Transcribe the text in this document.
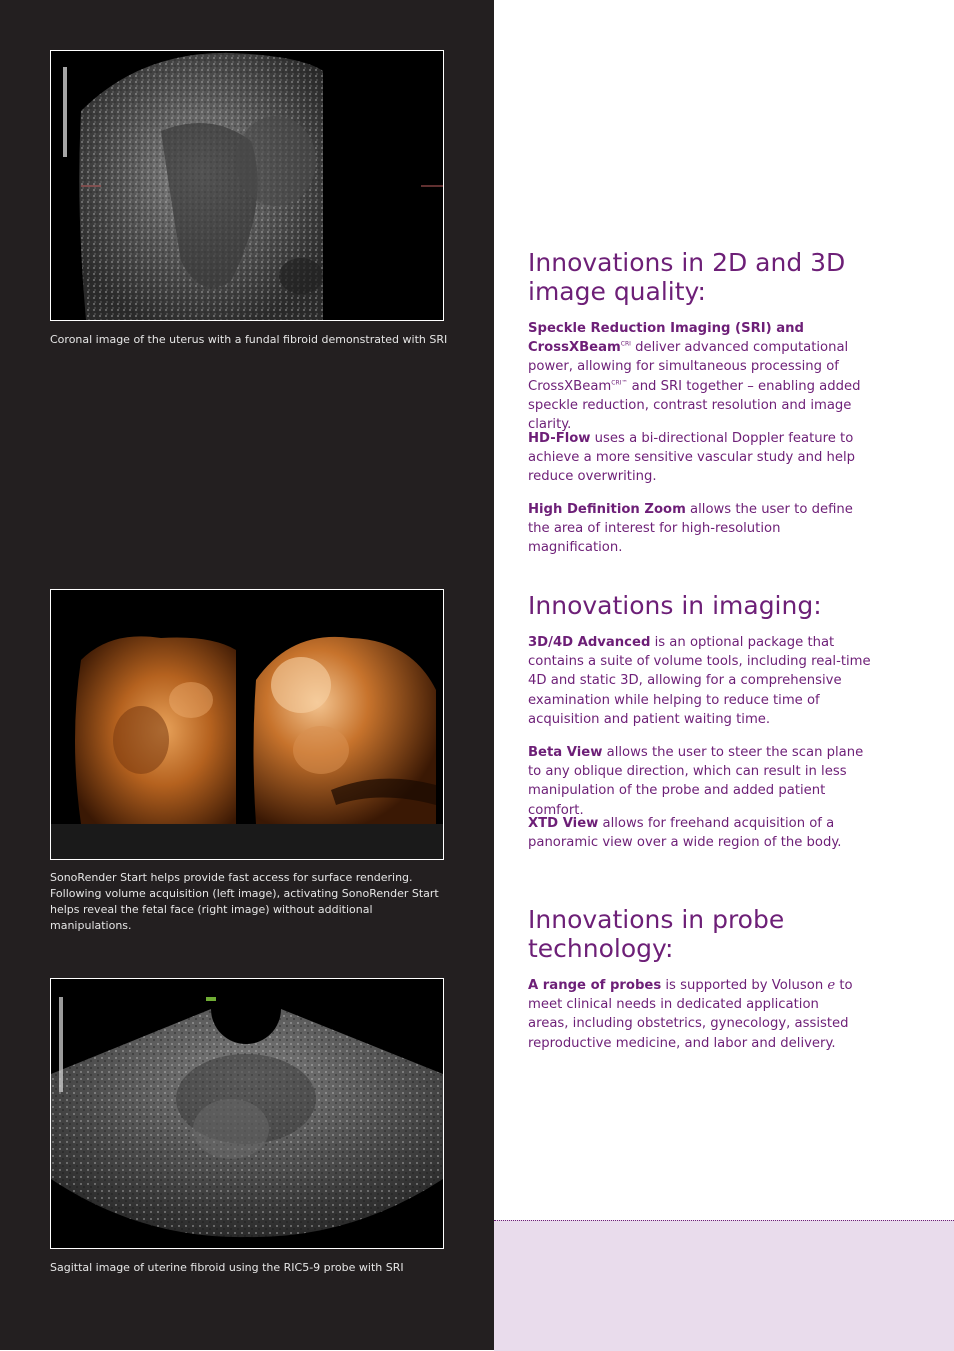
Coronal image of the uterus with a fundal fibroid demonstrated with SRI
SonoRender Start helps provide fast access for surface rendering.
Following volume acquisition (left image), activating SonoRender Start
helps reveal the fetal face (right image) without additional manipulations.
Sagittal image of uterine fibroid using the RIC5-9 probe with SRI
Innovations in 2D and 3D
image quality:

Speckle Reduction Imaging (SRI) and CrossXBeam$^{CRI}$ deliver advanced computational power, allowing for simultaneous processing of CrossXBeam$^{CRI™}$ and SRI together – enabling added speckle reduction, contrast resolution and image clarity.

HD-Flow uses a bi-directional Doppler feature to achieve a more sensitive vascular study and help reduce overwriting.

High Definition Zoom allows the user to define the area of interest for high-resolution magnification.

Innovations in imaging:

3D/4D Advanced is an optional package that contains a suite of volume tools, including real-time 4D and static 3D, allowing for a comprehensive examination while helping to reduce time of acquisition and patient waiting time.

Beta View allows the user to steer the scan plane to any oblique direction, which can result in less manipulation of the probe and added patient comfort.

XTD View allows for freehand acquisition of a panoramic view over a wide region of the body.

Innovations in probe
technology:

A range of probes is supported by Voluson e to meet clinical needs in dedicated application areas, including obstetrics, gynecology, assisted reproductive medicine, and labor and delivery.
